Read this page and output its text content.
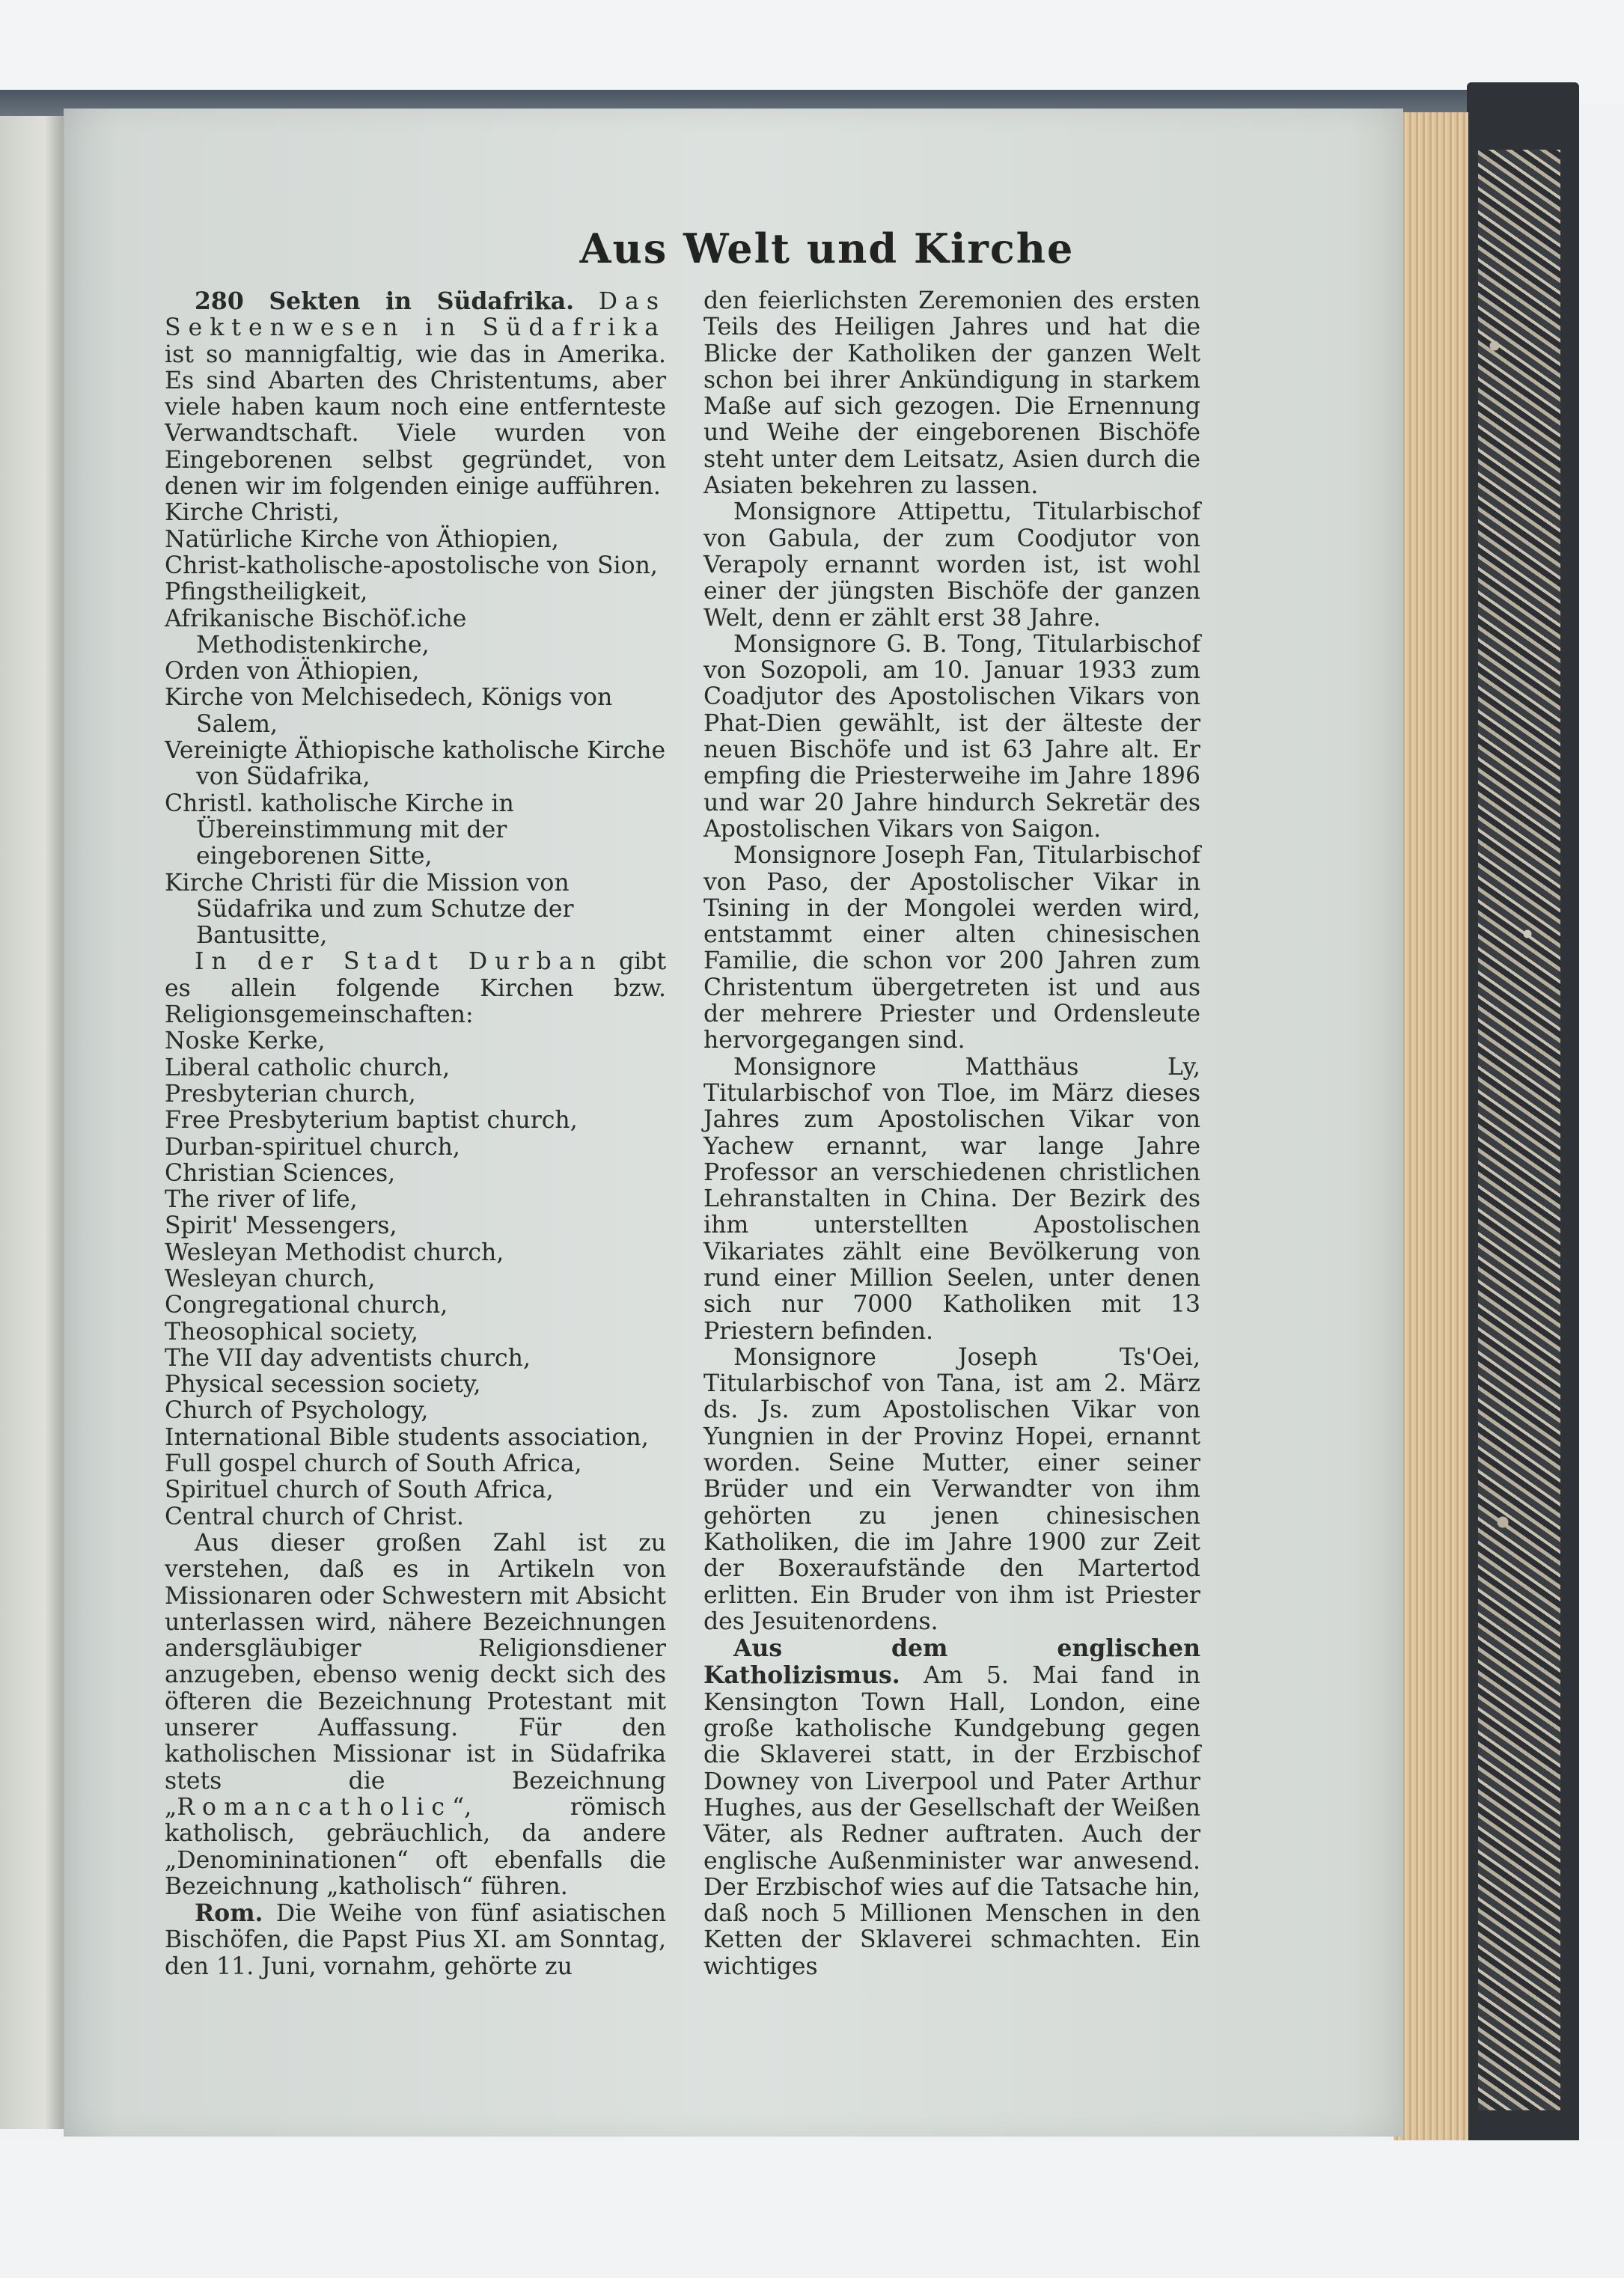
Aus Welt und Kirche

280 Sekten in Südafrika. Das Sektenwesen in Südafrika ist so mannigfaltig, wie das in Amerika. Es sind Abarten des Christentums, aber viele haben kaum noch eine entfernteste Verwandtschaft. Viele wurden von Eingeborenen selbst gegründet, von denen wir im folgenden einige aufführen.

Kirche Christi,

Natürliche Kirche von Äthiopien,

Christ-katholische-apostolische von Sion,

Pfingstheiligkeit,

Afrikanische Bischöf.iche Methodistenkirche,

Orden von Äthiopien,

Kirche von Melchisedech, Königs von Salem,

Vereinigte Äthiopische katholische Kirche von Südafrika,

Christl. katholische Kirche in Übereinstimmung mit der eingeborenen Sitte,

Kirche Christi für die Mission von Südafrika und zum Schutze der Bantusitte,

In der Stadt Durban gibt es allein folgende Kirchen bzw. Religionsgemeinschaften:

Noske Kerke,

Liberal catholic church,

Presbyterian church,

Free Presbyterium baptist church,

Durban-spirituel church,

Christian Sciences,

The river of life,

Spirit' Messengers,

Wesleyan Methodist church,

Wesleyan church,

Congregational church,

Theosophical society,

The VII day adventists church,

Physical secession society,

Church of Psychology,

International Bible students association,

Full gospel church of South Africa,

Spirituel church of South Africa,

Central church of Christ.

Aus dieser großen Zahl ist zu verstehen, daß es in Artikeln von Missionaren oder Schwestern mit Absicht unterlassen wird, nähere Bezeichnungen andersgläubiger Religionsdiener anzugeben, ebenso wenig deckt sich des öfteren die Bezeichnung Protestant mit unserer Auffassung. Für den katholischen Missionar ist in Südafrika stets die Bezeichnung „Romancatholic“, römisch katholisch, gebräuchlich, da andere „Denomininationen“ oft ebenfalls die Bezeichnung „katholisch“ führen.

Rom. Die Weihe von fünf asiatischen Bischöfen, die Papst Pius XI. am Sonntag, den 11. Juni, vornahm, gehörte zu

den feierlichsten Zeremonien des ersten Teils des Heiligen Jahres und hat die Blicke der Katholiken der ganzen Welt schon bei ihrer Ankündigung in starkem Maße auf sich gezogen. Die Ernennung und Weihe der eingeborenen Bischöfe steht unter dem Leitsatz, Asien durch die Asiaten bekehren zu lassen.

Monsignore Attipettu, Titularbischof von Gabula, der zum Coodjutor von Verapoly ernannt worden ist, ist wohl einer der jüngsten Bischöfe der ganzen Welt, denn er zählt erst 38 Jahre.

Monsignore G. B. Tong, Titularbischof von Sozopoli, am 10. Januar 1933 zum Coadjutor des Apostolischen Vikars von Phat-Dien gewählt, ist der älteste der neuen Bischöfe und ist 63 Jahre alt. Er empfing die Priesterweihe im Jahre 1896 und war 20 Jahre hindurch Sekretär des Apostolischen Vikars von Saigon.

Monsignore Joseph Fan, Titularbischof von Paso, der Apostolischer Vikar in Tsining in der Mongolei werden wird, entstammt einer alten chinesischen Familie, die schon vor 200 Jahren zum Christentum übergetreten ist und aus der mehrere Priester und Ordensleute hervorgegangen sind.

Monsignore Matthäus Ly, Titularbischof von Tloe, im März dieses Jahres zum Apostolischen Vikar von Yachew ernannt, war lange Jahre Professor an verschiedenen christlichen Lehranstalten in China. Der Bezirk des ihm unterstellten Apostolischen Vikariates zählt eine Bevölkerung von rund einer Million Seelen, unter denen sich nur 7000 Katholiken mit 13 Priestern befinden.

Monsignore Joseph Ts'Oei, Titularbischof von Tana, ist am 2. März ds. Js. zum Apostolischen Vikar von Yungnien in der Provinz Hopei, ernannt worden. Seine Mutter, einer seiner Brüder und ein Verwandter von ihm gehörten zu jenen chinesischen Katholiken, die im Jahre 1900 zur Zeit der Boxeraufstände den Martertod erlitten. Ein Bruder von ihm ist Priester des Jesuitenordens.

Aus dem englischen Katholizismus. Am 5. Mai fand in Kensington Town Hall, London, eine große katholische Kundgebung gegen die Sklaverei statt, in der Erzbischof Downey von Liverpool und Pater Arthur Hughes, aus der Gesellschaft der Weißen Väter, als Redner auftraten. Auch der englische Außenminister war anwesend. Der Erzbischof wies auf die Tatsache hin, daß noch 5 Millionen Menschen in den Ketten der Sklaverei schmachten. Ein wichtiges
